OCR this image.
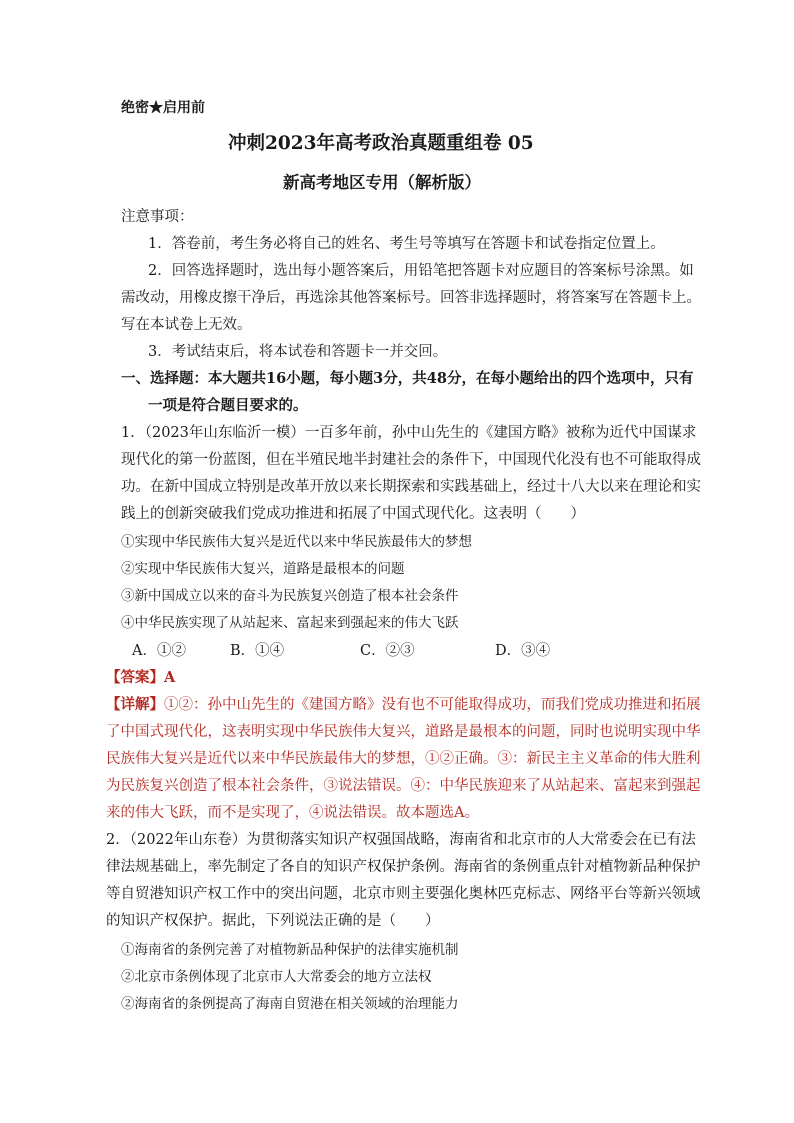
绝密★启用前
冲刺2023年高考政治真题重组卷 05
新高考地区专用（解析版）
注意事项：
1．答卷前，考生务必将自己的姓名、考生号等填写在答题卡和试卷指定位置上。
2．回答选择题时，选出每小题答案后，用铅笔把答题卡对应题目的答案标号涂黑。如
需改动，用橡皮擦干净后，再选涂其他答案标号。回答非选择题时，将答案写在答题卡上。
写在本试卷上无效。
3．考试结束后，将本试卷和答题卡一并交回。
一、选择题：本大题共16小题，每小题3分，共48分，在每小题给出的四个选项中，只有
一项是符合题目要求的。
1．（2023年山东临沂一模）一百多年前，孙中山先生的《建国方略》被称为近代中国谋求
现代化的第一份蓝图，但在半殖民地半封建社会的条件下，中国现代化没有也不可能取得成
功。在新中国成立特别是改革开放以来长期探索和实践基础上，经过十八大以来在理论和实
践上的创新突破我们党成功推进和拓展了中国式现代化。这表明（　　）
①实现中华民族伟大复兴是近代以来中华民族最伟大的梦想
②实现中华民族伟大复兴，道路是最根本的问题
③新中国成立以来的奋斗为民族复兴创造了根本社会条件
④中华民族实现了从站起来、富起来到强起来的伟大飞跃
A．①②	B．①④	C．②③	D．③④
【答案】A
【详解】①②：孙中山先生的《建国方略》没有也不可能取得成功，而我们党成功推进和拓展
了中国式现代化，这表明实现中华民族伟大复兴，道路是最根本的问题，同时也说明实现中华
民族伟大复兴是近代以来中华民族最伟大的梦想，①②正确。③：新民主主义革命的伟大胜利
为民族复兴创造了根本社会条件，③说法错误。④：中华民族迎来了从站起来、富起来到强起
来的伟大飞跃，而不是实现了，④说法错误。故本题选A。
2．（2022年山东卷）为贯彻落实知识产权强国战略，海南省和北京市的人大常委会在已有法
律法规基础上，率先制定了各自的知识产权保护条例。海南省的条例重点针对植物新品种保护
等自贸港知识产权工作中的突出问题，北京市则主要强化奥林匹克标志、网络平台等新兴领域
的知识产权保护。据此，下列说法正确的是（　　）
①海南省的条例完善了对植物新品种保护的法律实施机制
②北京市条例体现了北京市人大常委会的地方立法权
②海南省的条例提高了海南自贸港在相关领域的治理能力
